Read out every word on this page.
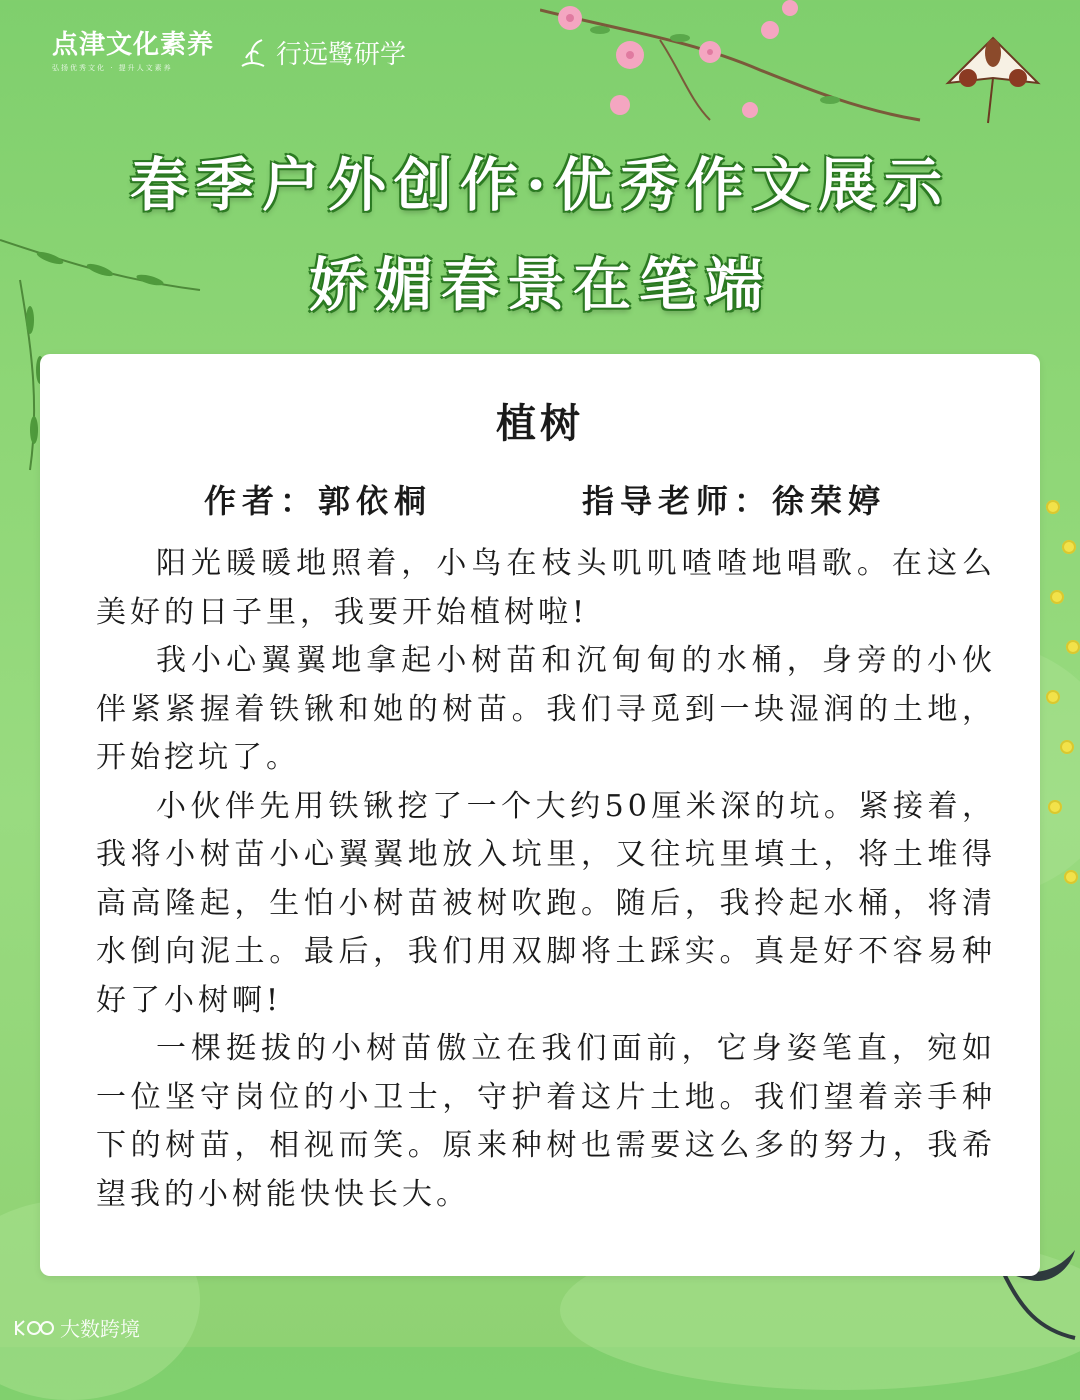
点津文化素养
弘扬优秀文化 · 提升人文素养	行远鹭研学
春季户外创作·优秀作文展示
娇媚春景在笔端
植树
作者：郭依桐	指导老师：徐荣婷

阳光暖暖地照着，小鸟在枝头叽叽喳喳地唱歌。在这么美好的日子里，我要开始植树啦!

我小心翼翼地拿起小树苗和沉甸甸的水桶，身旁的小伙伴紧紧握着铁锹和她的树苗。我们寻觅到一块湿润的土地，开始挖坑了。

小伙伴先用铁锹挖了一个大约50厘米深的坑。紧接着，我将小树苗小心翼翼地放入坑里，又往坑里填土，将土堆得高高隆起，生怕小树苗被树吹跑。随后，我拎起水桶，将清水倒向泥土。最后，我们用双脚将土踩实。真是好不容易种好了小树啊!

一棵挺拔的小树苗傲立在我们面前，它身姿笔直，宛如一位坚守岗位的小卫士，守护着这片土地。我们望着亲手种下的树苗，相视而笑。原来种树也需要这么多的努力，我希望我的小树能快快长大。

大数跨境
